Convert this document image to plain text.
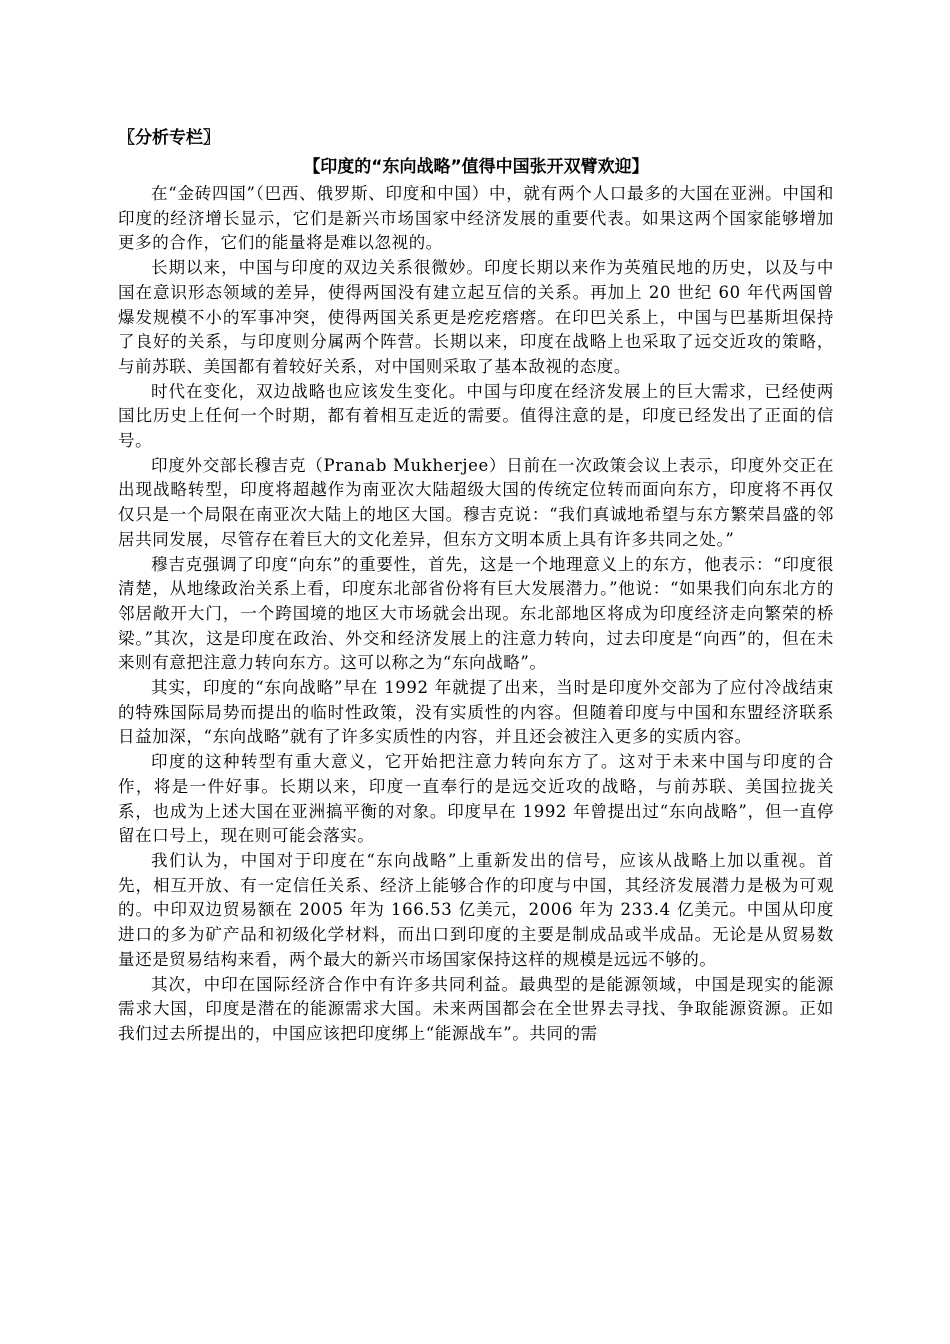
〖分析专栏〗

【印度的“东向战略”值得中国张开双臂欢迎】

在“金砖四国”（巴西、俄罗斯、印度和中国）中，就有两个人口最多的大国在亚洲。中国和印度的经济增长显示，它们是新兴市场国家中经济发展的重要代表。如果这两个国家能够增加更多的合作，它们的能量将是难以忽视的。

长期以来，中国与印度的双边关系很微妙。印度长期以来作为英殖民地的历史，以及与中国在意识形态领域的差异，使得两国没有建立起互信的关系。再加上 20 世纪 60 年代两国曾爆发规模不小的军事冲突，使得两国关系更是疙疙瘩瘩。在印巴关系上，中国与巴基斯坦保持了良好的关系，与印度则分属两个阵营。长期以来，印度在战略上也采取了远交近攻的策略，与前苏联、美国都有着较好关系，对中国则采取了基本敌视的态度。

时代在变化，双边战略也应该发生变化。中国与印度在经济发展上的巨大需求，已经使两国比历史上任何一个时期，都有着相互走近的需要。值得注意的是，印度已经发出了正面的信号。

印度外交部长穆吉克（Pranab Mukherjee）日前在一次政策会议上表示，印度外交正在出现战略转型，印度将超越作为南亚次大陆超级大国的传统定位转而面向东方，印度将不再仅仅只是一个局限在南亚次大陆上的地区大国。穆吉克说：“我们真诚地希望与东方繁荣昌盛的邻居共同发展，尽管存在着巨大的文化差异，但东方文明本质上具有许多共同之处。”

穆吉克强调了印度“向东”的重要性，首先，这是一个地理意义上的东方，他表示：“印度很清楚，从地缘政治关系上看，印度东北部省份将有巨大发展潜力。”他说：“如果我们向东北方的邻居敞开大门，一个跨国境的地区大市场就会出现。东北部地区将成为印度经济走向繁荣的桥梁。”其次，这是印度在政治、外交和经济发展上的注意力转向，过去印度是“向西”的，但在未来则有意把注意力转向东方。这可以称之为“东向战略”。

其实，印度的“东向战略”早在 1992 年就提了出来，当时是印度外交部为了应付冷战结束的特殊国际局势而提出的临时性政策，没有实质性的内容。但随着印度与中国和东盟经济联系日益加深，“东向战略”就有了许多实质性的内容，并且还会被注入更多的实质内容。

印度的这种转型有重大意义，它开始把注意力转向东方了。这对于未来中国与印度的合作，将是一件好事。长期以来，印度一直奉行的是远交近攻的战略，与前苏联、美国拉拢关系，也成为上述大国在亚洲搞平衡的对象。印度早在 1992 年曾提出过“东向战略”，但一直停留在口号上，现在则可能会落实。

我们认为，中国对于印度在“东向战略”上重新发出的信号，应该从战略上加以重视。首先，相互开放、有一定信任关系、经济上能够合作的印度与中国，其经济发展潜力是极为可观的。中印双边贸易额在 2005 年为 166.53 亿美元，2006 年为 233.4 亿美元。中国从印度进口的多为矿产品和初级化学材料，而出口到印度的主要是制成品或半成品。无论是从贸易数量还是贸易结构来看，两个最大的新兴市场国家保持这样的规模是远远不够的。

其次，中印在国际经济合作中有许多共同利益。最典型的是能源领域，中国是现实的能源需求大国，印度是潜在的能源需求大国。未来两国都会在全世界去寻找、争取能源资源。正如我们过去所提出的，中国应该把印度绑上“能源战车”。共同的需
